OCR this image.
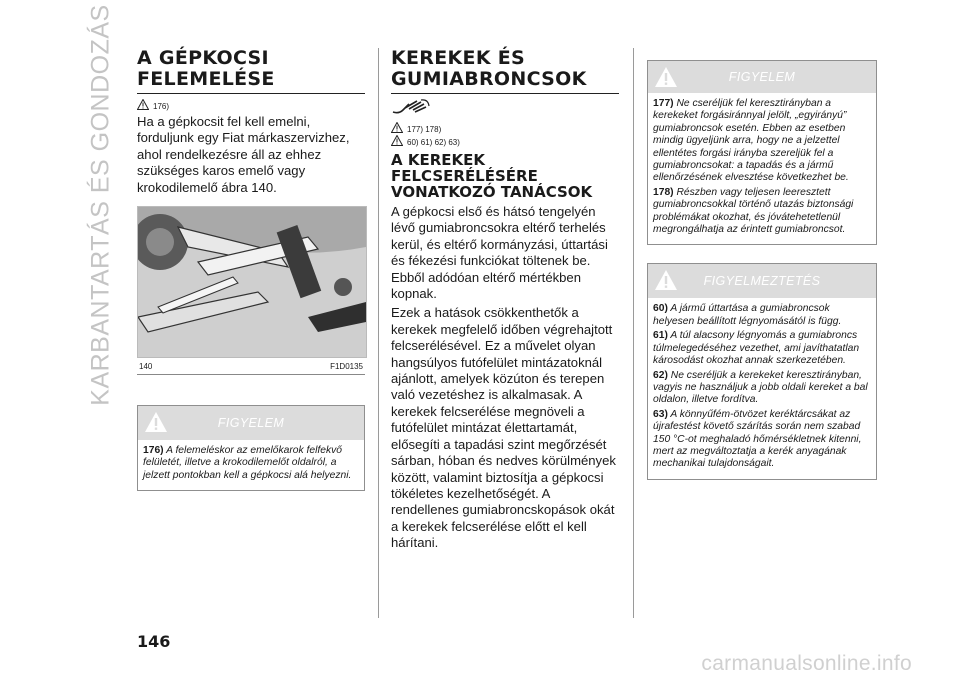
KARBANTARTÁS ÉS GONDOZÁS A GÉPKOCSI
FELEMELÉSE
176)

Ha a gépkocsit fel kell emelni, forduljunk egy Fiat márkaszervizhez, ahol rendelkezésre áll az ehhez szükséges karos emelő vagy krokodilemelő ábra 140.

140	F1D0135
FIGYELEM

176) A felemeléskor az emelőkarok felfekvő felületét, illetve a krokodilemelőt oldalról, a jelzett pontokban kell a gépkocsi alá helyezni.

KEREKEK ÉS
GUMIABRONCSOK
177) 178)
60) 61) 62) 63)
A KEREKEK
FELCSERÉLÉSÉRE
VONATKOZÓ TANÁCSOK

A gépkocsi első és hátsó tengelyén lévő gumiabroncsokra eltérő terhelés kerül, és eltérő kormányzási, úttartási és fékezési funkciókat töltenek be. Ebből adódóan eltérő mértékben kopnak.

Ezek a hatások csökkenthetők a kerekek megfelelő időben végrehajtott felcserélésével. Ez a művelet olyan hangsúlyos futófelület mintázatoknál ajánlott, amelyek közúton és terepen való vezetéshez is alkalmasak. A kerekek felcserélése megnöveli a futófelület mintázat élettartamát, elősegíti a tapadási szint megőrzését sárban, hóban és nedves körülmények között, valamint biztosítja a gépkocsi tökéletes kezelhetőségét. A rendellenes gumiabroncskopások okát a kerekek felcserélése előtt el kell hárítani.

FIGYELEM

177) Ne cseréljük fel keresztirányban a kerekeket forgásiránnyal jelölt, „egyirányú” gumiabroncsok esetén. Ebben az esetben mindig ügyeljünk arra, hogy ne a jelzettel ellentétes forgási irányba szereljük fel a gumiabroncsokat: a tapadás és a jármű ellenőrzésének elvesztése következhet be.

178) Részben vagy teljesen leeresztett gumiabroncsokkal történő utazás biztonsági problémákat okozhat, és jóvátehetetlenül megrongálhatja az érintett gumiabroncsot.

FIGYELMEZTETÉS

60) A jármű úttartása a gumiabroncsok helyesen beállított légnyomásától is függ.

61) A túl alacsony légnyomás a gumiabroncs túlmelegedéséhez vezethet, ami javíthatatlan károsodást okozhat annak szerkezetében.

62) Ne cseréljük a kerekeket keresztirányban, vagyis ne használjuk a jobb oldali kereket a bal oldalon, illetve fordítva.

63) A könnyűfém-ötvözet keréktárcsákat az újrafestést követő szárítás során nem szabad 150 °C-ot meghaladó hőmérsékletnek kitenni, mert az megváltoztatja a kerék anyagának mechanikai tulajdonságait.

146
carmanualsonline.info
